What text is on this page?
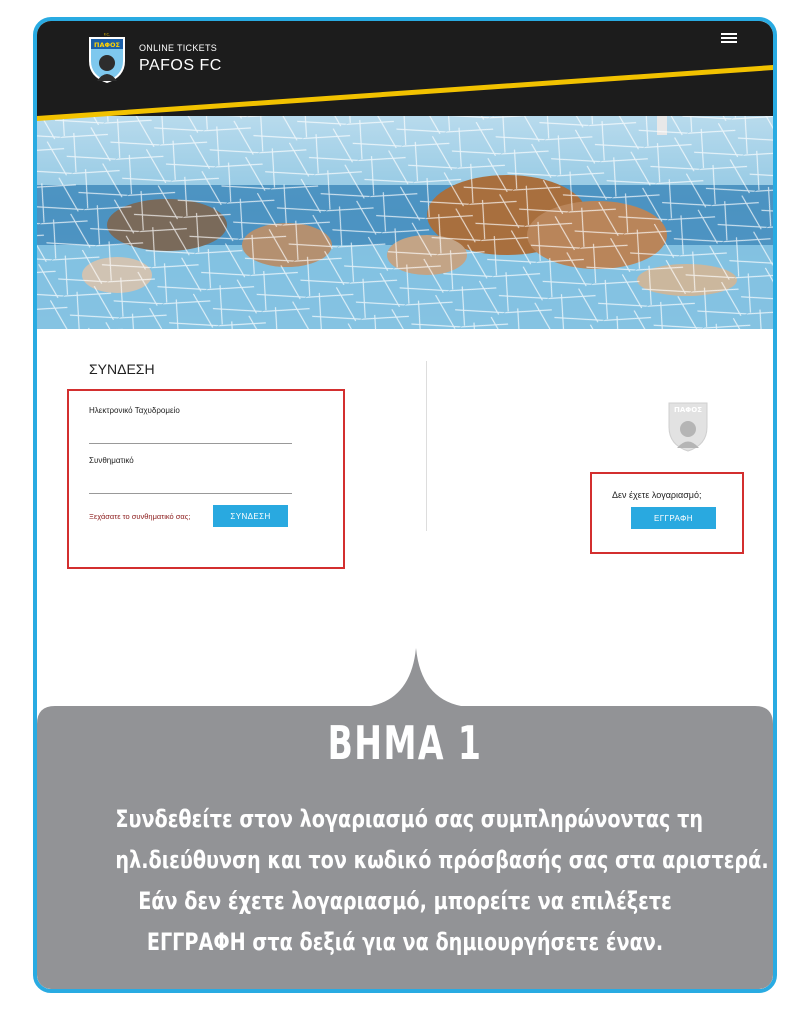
ΠΑΦΟΣ
F.C.
ONLINE TICKETS
PAFOS FC
ΣΥΝΔΕΣΗ
Ηλεκτρονικό Ταχυδρομείο
Συνθηματικό
Ξεχάσατε το συνθηματικό σας;	ΣΥΝΔΕΣΗ
ΠΑΦΟΣ
Δεν έχετε λογαριασμό;
ΕΓΓΡΑΦΗ
ΒΗΜΑ 1
Συνδεθείτε στον λογαριασμό σας συμπληρώνοντας τη
ηλ.διεύθυνση και τον κωδικό πρόσβασής σας στα αριστερά.
Εάν δεν έχετε λογαριασμό, μπορείτε να επιλέξετε
ΕΓΓΡΑΦΗ στα δεξιά για να δημιουργήσετε έναν.
